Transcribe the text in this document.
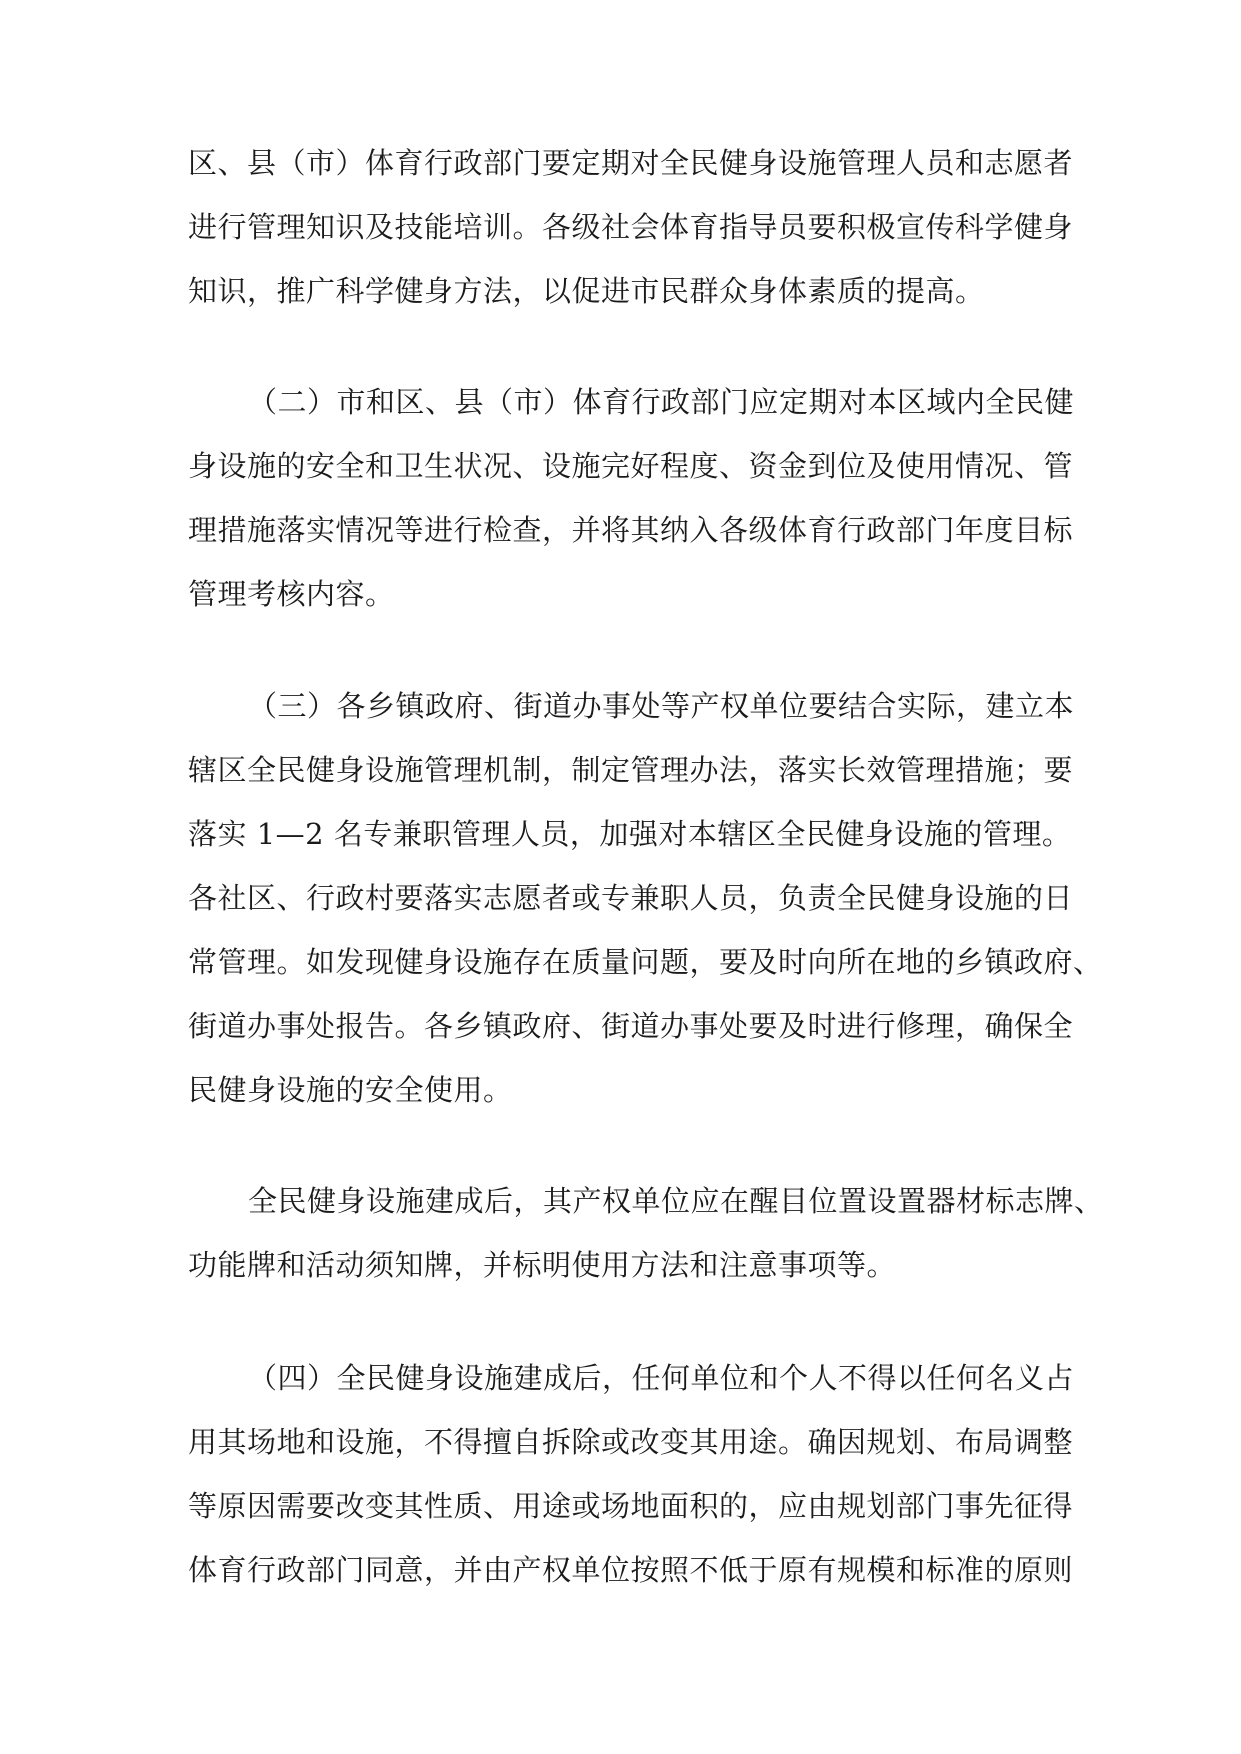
区、县（市）体育行政部门要定期对全民健身设施管理人员和志愿者
进行管理知识及技能培训。各级社会体育指导员要积极宣传科学健身
知识，推广科学健身方法，以促进市民群众身体素质的提高。
（二）市和区、县（市）体育行政部门应定期对本区域内全民健
身设施的安全和卫生状况、设施完好程度、资金到位及使用情况、管
理措施落实情况等进行检查，并将其纳入各级体育行政部门年度目标
管理考核内容。
（三）各乡镇政府、街道办事处等产权单位要结合实际，建立本
辖区全民健身设施管理机制，制定管理办法，落实长效管理措施；要
落实 1—2 名专兼职管理人员，加强对本辖区全民健身设施的管理。
各社区、行政村要落实志愿者或专兼职人员，负责全民健身设施的日
常管理。如发现健身设施存在质量问题，要及时向所在地的乡镇政府、
街道办事处报告。各乡镇政府、街道办事处要及时进行修理，确保全
民健身设施的安全使用。
全民健身设施建成后，其产权单位应在醒目位置设置器材标志牌、
功能牌和活动须知牌，并标明使用方法和注意事项等。
（四）全民健身设施建成后，任何单位和个人不得以任何名义占
用其场地和设施，不得擅自拆除或改变其用途。确因规划、布局调整
等原因需要改变其性质、用途或场地面积的，应由规划部门事先征得
体育行政部门同意，并由产权单位按照不低于原有规模和标准的原则
